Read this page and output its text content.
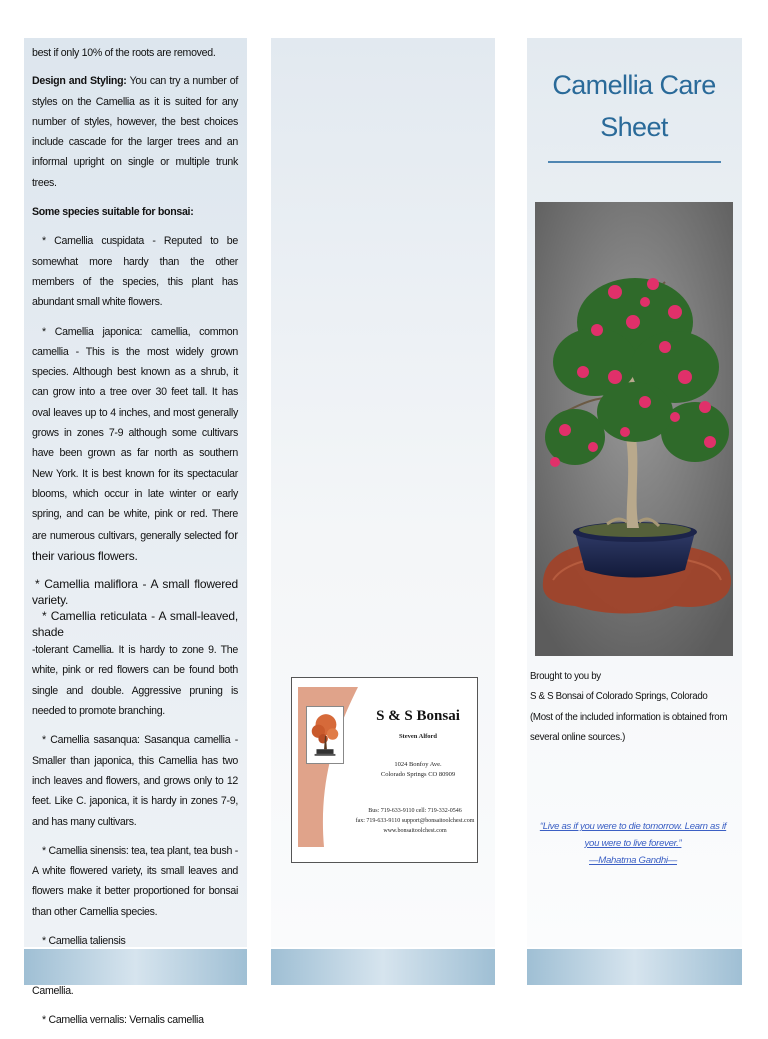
best if only 10% of the roots are removed.

Design and Styling: You can try a number of styles on the Camellia as it is suited for any number of styles, however, the best choices include cascade for the larger trees and an informal upright on single or multiple trunk trees.

Some species suitable for bonsai:

* Camellia cuspidata - Reputed to be somewhat more hardy than the other members of the species, this plant has abundant small white flowers.

* Camellia japonica: camellia, common camellia - This is the most widely grown species. Although best known as a shrub, it can grow into a tree over 30 feet tall. It has oval leaves up to 4 inches, and most generally grows in zones 7-9 although some cultivars have been grown as far north as southern New York. It is best known for its spectacular blooms, which occur in late winter or early spring, and can be white, pink or red. There are numerous cultivars, generally selected for their various flowers.

* Camellia maliflora - A small flowered variety.

* Camellia reticulata - A small-leaved, shade

-tolerant Camellia. It is hardy to zone 9. The white, pink or red flowers can be found both single and double. Aggressive pruning is needed to promote branching.

* Camellia sasanqua: Sasanqua camellia - Smaller than japonica, this Camellia has two inch leaves and flowers, and grows only to 12 feet. Like C. japonica, it is hardy in zones 7-9, and has many cultivars.

* Camellia sinensis: tea, tea plant, tea bush - A white flowered variety, its small leaves and flowers make it better proportioned for bonsai than other Camellia species.

* Camellia taliensis

Camellia.

* Camellia vernalis: Vernalis camellia

S & S Bonsai
Steven Alford
1024 Bonfoy Ave.
Colorado Springs CO 80909
Bus: 719-633-9110 cell: 719-332-0546
fax: 719-633-9110 support@bonsaitoolchest.com
www.bonsaitoolchest.com
Camellia Care
Sheet
Brought to you by
S & S Bonsai of Colorado Springs, Colorado
(Most of the included information is obtained from several online sources.)
“Live as if you were to die tomorrow. Learn as if
you were to live forever.”
—Mahatma Gandhi—
